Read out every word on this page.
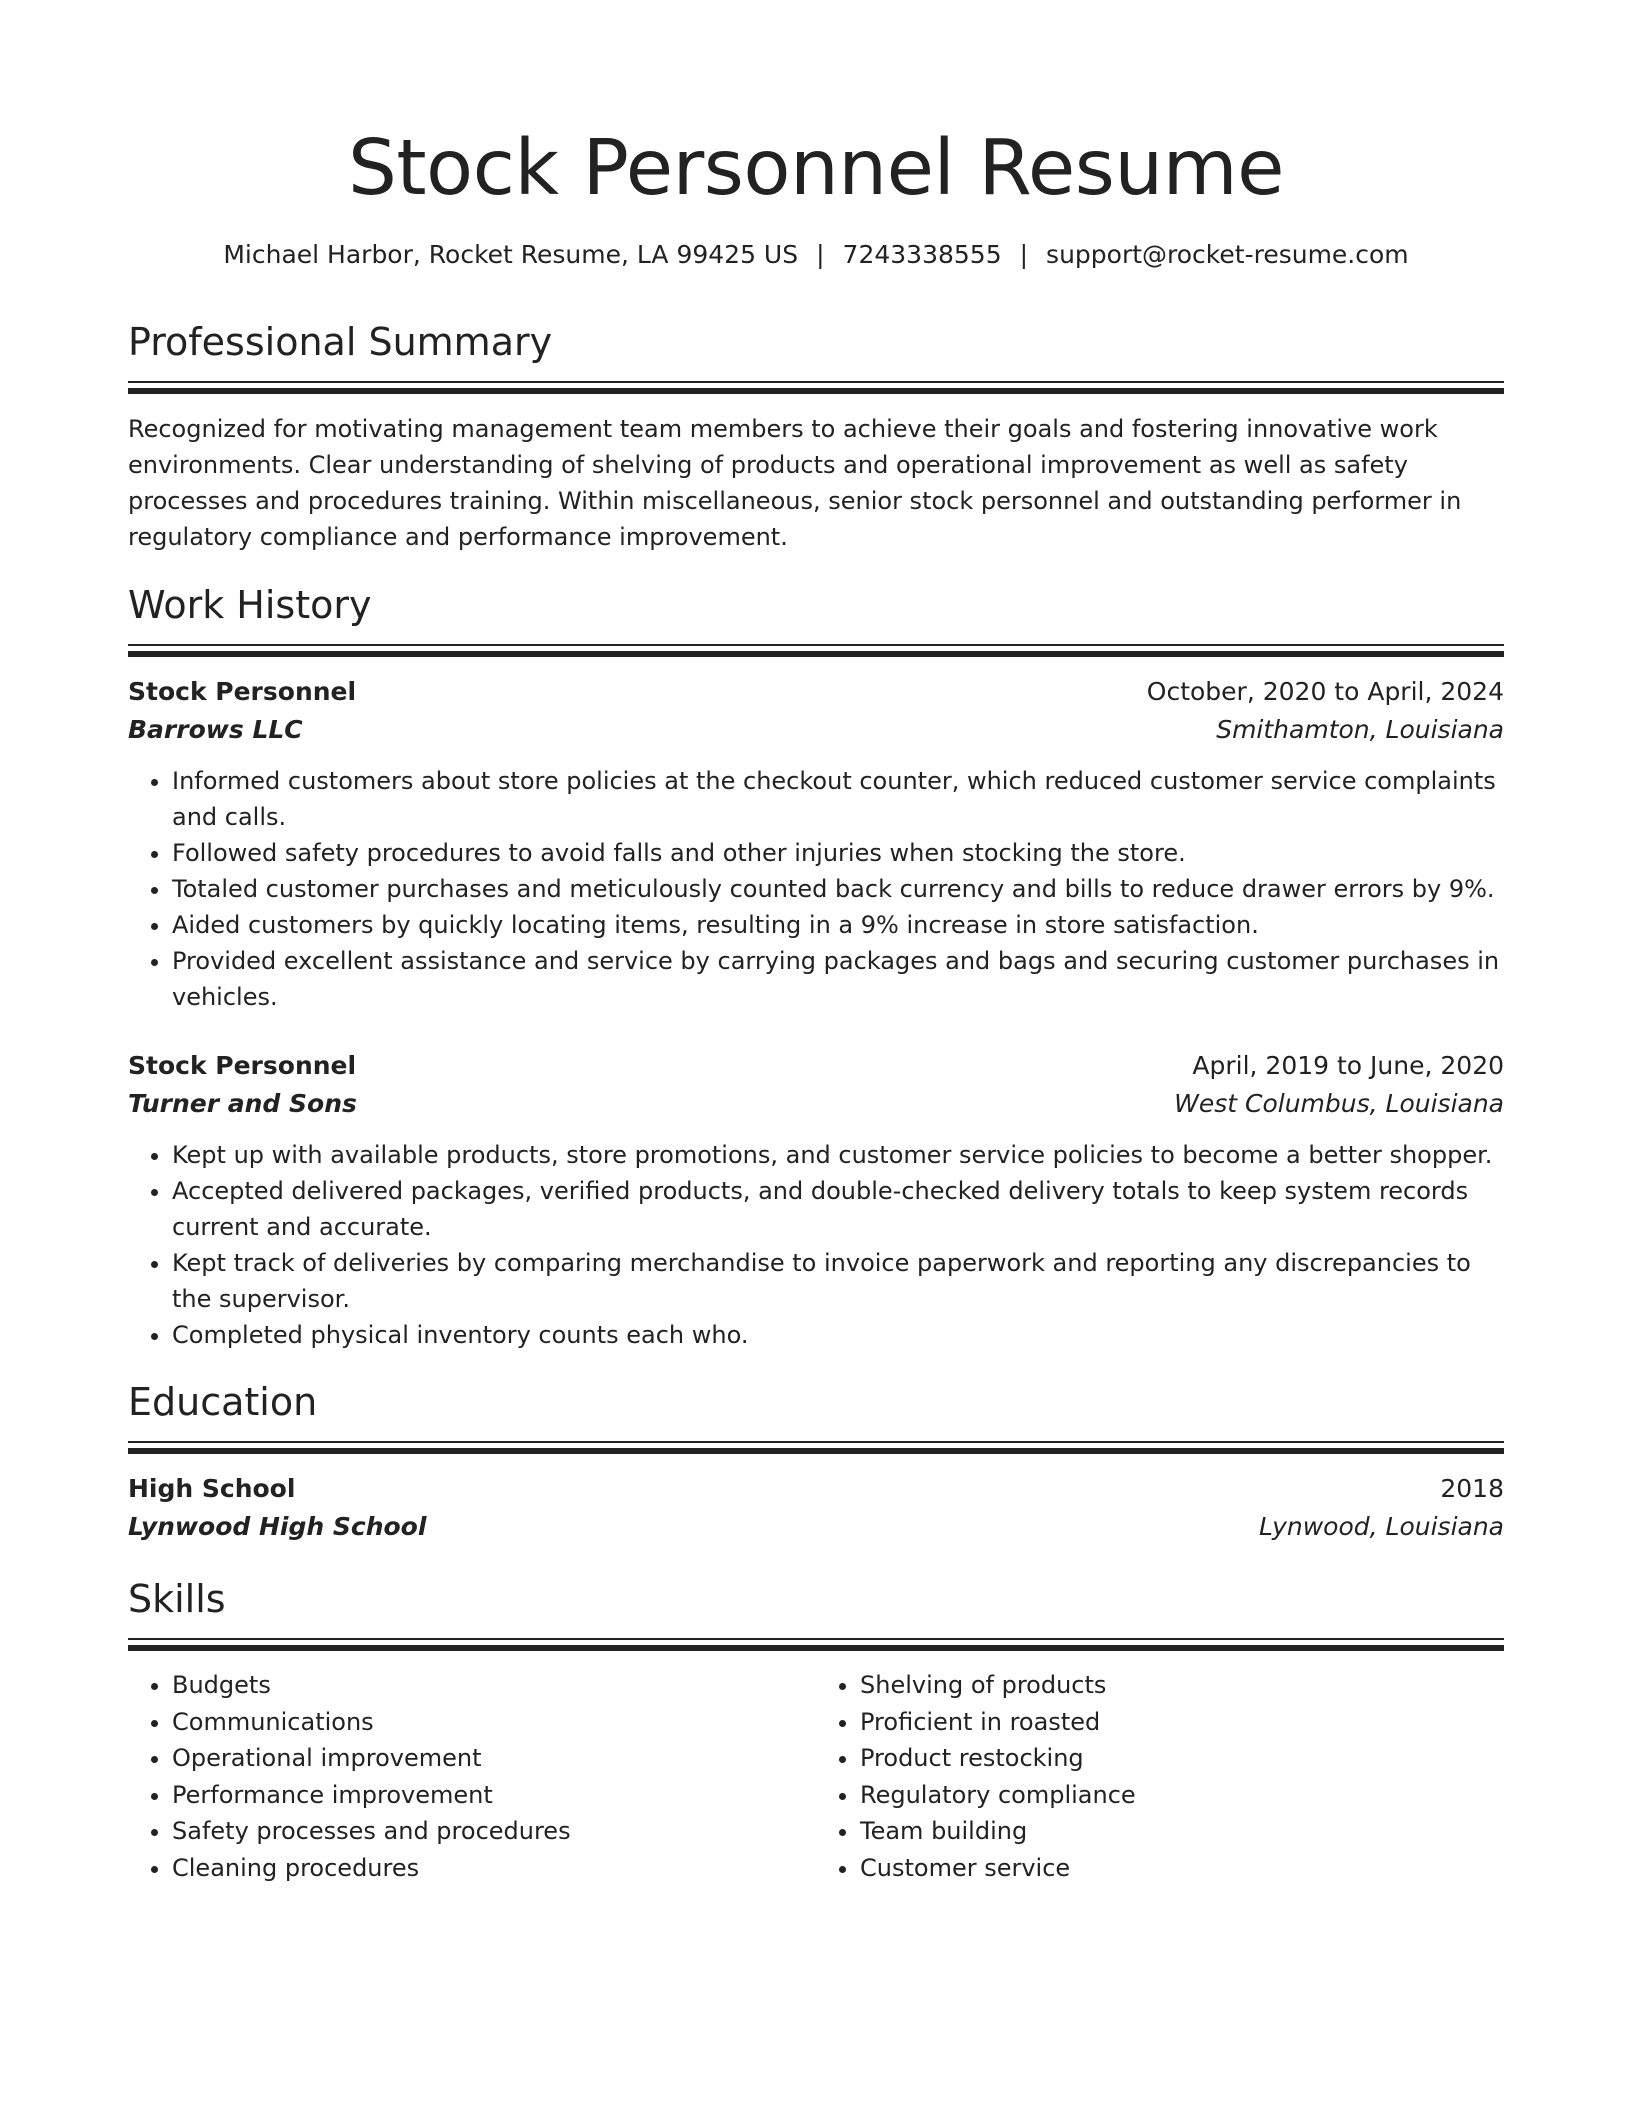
Stock Personnel Resume
Michael Harbor, Rocket Resume, LA 99425 US | 7243338555 | support@rocket-resume.com
Professional Summary
Recognized for motivating management team members to achieve their goals and fostering innovative work environments. Clear understanding of shelving of products and operational improvement as well as safety processes and procedures training. Within miscellaneous, senior stock personnel and outstanding performer in regulatory compliance and performance improvement.
Work History
Stock Personnel	October, 2020 to April, 2024
Barrows LLC	Smithamton, Louisiana
• Informed customers about store policies at the checkout counter, which reduced customer service complaints and calls.
• Followed safety procedures to avoid falls and other injuries when stocking the store.
• Totaled customer purchases and meticulously counted back currency and bills to reduce drawer errors by 9%.
• Aided customers by quickly locating items, resulting in a 9% increase in store satisfaction.
• Provided excellent assistance and service by carrying packages and bags and securing customer purchases in vehicles.
Stock Personnel	April, 2019 to June, 2020
Turner and Sons	West Columbus, Louisiana
• Kept up with available products, store promotions, and customer service policies to become a better shopper.
• Accepted delivered packages, verified products, and double-checked delivery totals to keep system records current and accurate.
• Kept track of deliveries by comparing merchandise to invoice paperwork and reporting any discrepancies to the supervisor.
• Completed physical inventory counts each who.
Education
High School	2018
Lynwood High School	Lynwood, Louisiana
Skills
• Budgets
• Communications
• Operational improvement
• Performance improvement
• Safety processes and procedures
• Cleaning procedures
• Shelving of products
• Proficient in roasted
• Product restocking
• Regulatory compliance
• Team building
• Customer service
